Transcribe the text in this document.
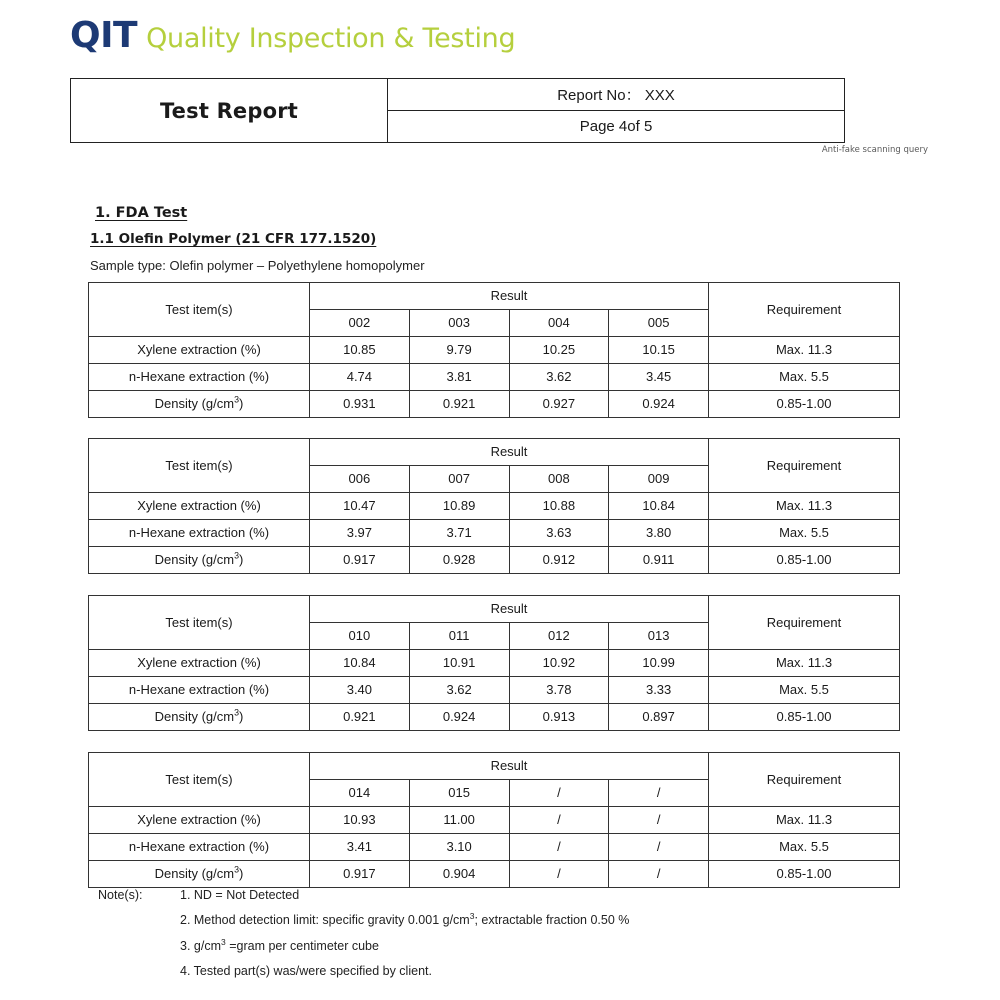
QIT Quality Inspection & Testing
Test Report
Report No： XXX
Page 4of 5
Anti-fake scanning query
1. FDA Test
1.1 Olefin Polymer (21 CFR 177.1520)
Sample type: Olefin polymer – Polyethylene homopolymer
Test item(s)	Result				Requirement
	002	003	004	005	
Xylene extraction (%)	10.85	9.79	10.25	10.15	Max. 11.3
n-Hexane extraction (%)	4.74	3.81	3.62	3.45	Max. 5.5
Density $(g/cm^3)$	0.931	0.921	0.927	0.924	0.85-1.00
Test item(s)	Result				Requirement
	006	007	008	009	
Xylene extraction (%)	10.47	10.89	10.88	10.84	Max. 11.3
n-Hexane extraction (%)	3.97	3.71	3.63	3.80	Max. 5.5
Density $(g/cm^3)$	0.917	0.928	0.912	0.911	0.85-1.00
Test item(s)	Result				Requirement
	010	011	012	013	
Xylene extraction (%)	10.84	10.91	10.92	10.99	Max. 11.3
n-Hexane extraction (%)	3.40	3.62	3.78	3.33	Max. 5.5
Density $(g/cm^3)$	0.921	0.924	0.913	0.897	0.85-1.00
Test item(s)	Result				Requirement
	014	015	/	/	
Xylene extraction (%)	10.93	11.00	/	/	Max. 11.3
n-Hexane extraction (%)	3.41	3.10	/	/	Max. 5.5
Density $(g/cm^3)$	0.917	0.904	/	/	0.85-1.00
Note(s):	1. ND = Not Detected
2. Method detection limit: specific gravity 0.001 $g/cm^3$; extractable fraction 0.50 %
3. $g/cm^3$ =gram per centimeter cube
4. Tested part(s) was/were specified by client.
